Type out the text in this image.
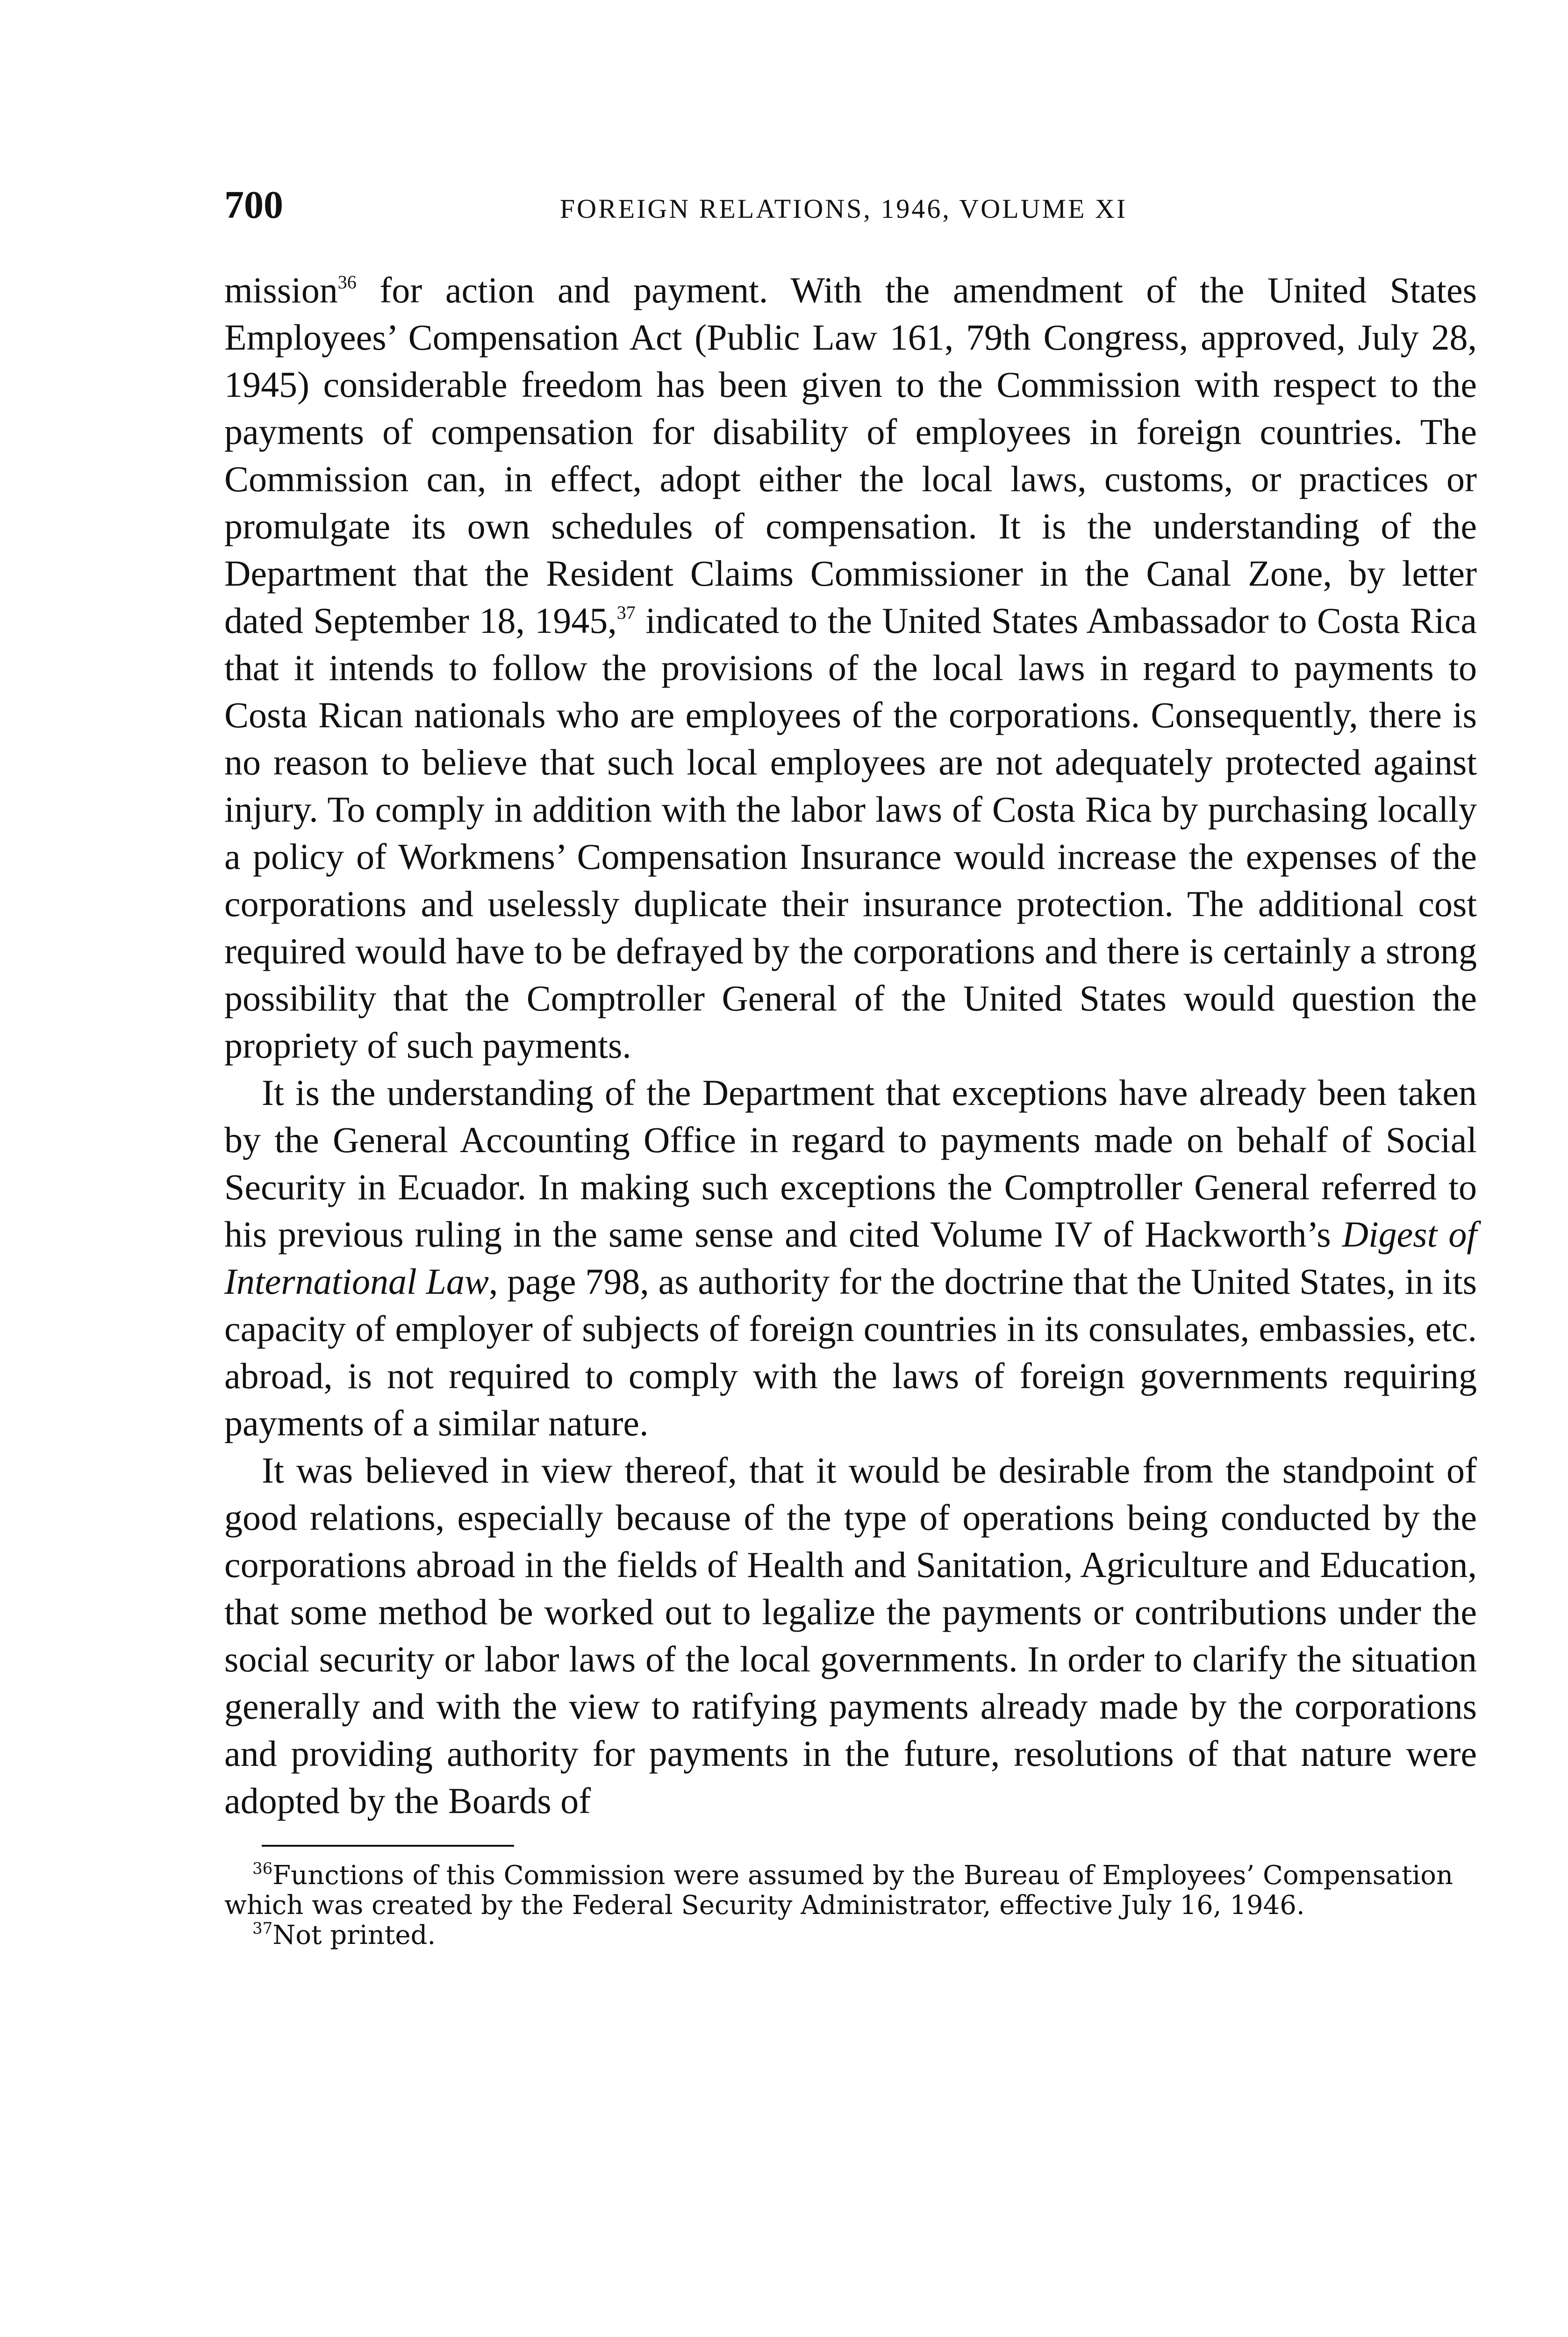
700	FOREIGN RELATIONS, 1946, VOLUME XI

mission$^{36}$ for action and payment. With the amendment of the United States Employees’ Compensation Act (Public Law 161, 79th Congress, approved, July 28, 1945) considerable freedom has been given to the Commission with respect to the payments of compensation for disability of employees in foreign countries. The Commission can, in effect, adopt either the local laws, customs, or practices or promulgate its own schedules of compensation. It is the understanding of the Department that the Resident Claims Commissioner in the Canal Zone, by letter dated September 18, 1945,37 indicated to the United States Ambassador to Costa Rica that it intends to follow the provisions of the local laws in regard to payments to Costa Rican nationals who are employees of the corporations. Consequently, there is no reason to believe that such local employees are not adequately protected against injury. To comply in addition with the labor laws of Costa Rica by purchasing locally a policy of Workmens’ Compensation Insurance would increase the expenses of the corporations and uselessly duplicate their insurance protection. The additional cost required would have to be defrayed by the corporations and there is certainly a strong possibility that the Comptroller General of the United States would question the propriety of such payments.

It is the understanding of the Department that exceptions have already been taken by the General Accounting Office in regard to payments made on behalf of Social Security in Ecuador. In making such exceptions the Comptroller General referred to his previous ruling in the same sense and cited Volume IV of Hackworth’s Digest of International Law, page 798, as authority for the doctrine that the United States, in its capacity of employer of subjects of foreign countries in its consulates, embassies, etc. abroad, is not required to comply with the laws of foreign governments requiring payments of a similar nature.

It was believed in view thereof, that it would be desirable from the standpoint of good relations, especially because of the type of operations being conducted by the corporations abroad in the fields of Health and Sanitation, Agriculture and Education, that some method be worked out to legalize the payments or contributions under the social security or labor laws of the local governments. In order to clarify the situation generally and with the view to ratifying payments already made by the corporations and providing authority for payments in the future, resolutions of that nature were adopted by the Boards of

$^{36}$Functions of this Commission were assumed by the Bureau of Employees’ Compensation which was created by the Federal Security Administrator, effective July 16, 1946.

$^{37}$Not printed.
